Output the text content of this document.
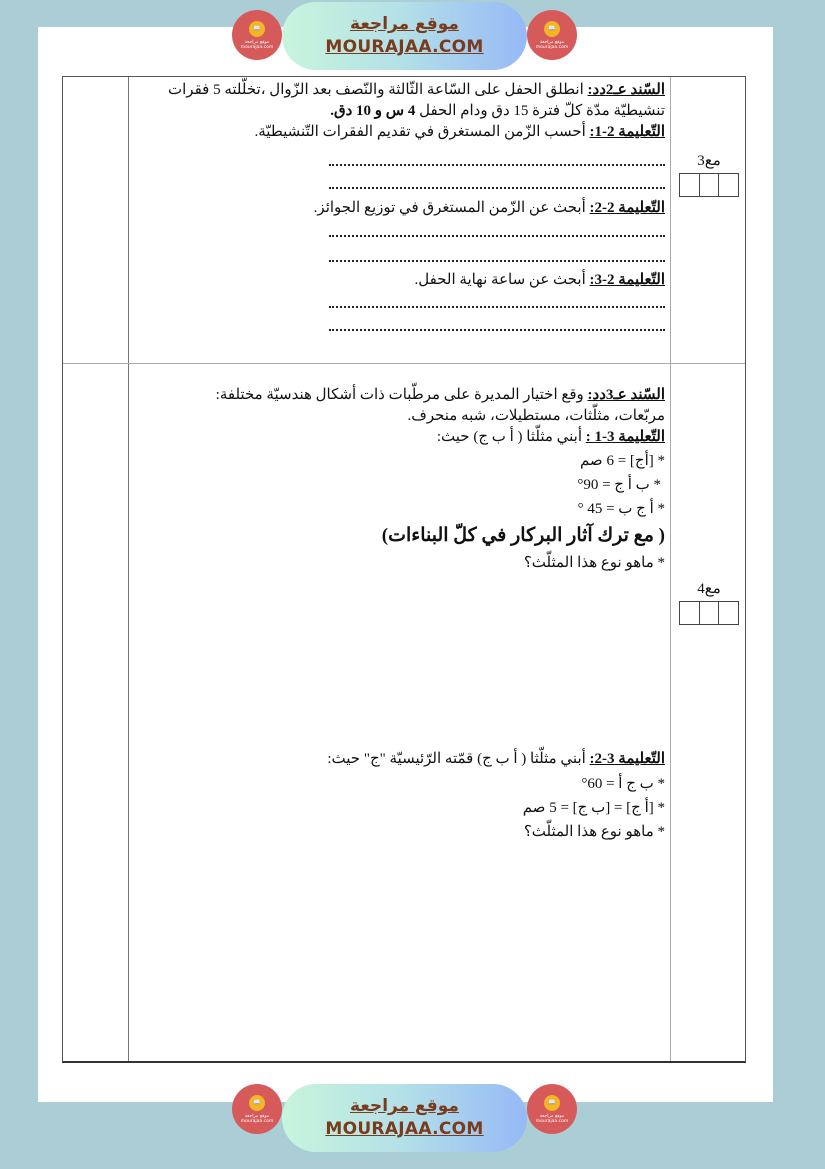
📖
موقع مراجعة mourajaa.com
موقع مراجعة
MOURAJAA.COM
📖
موقع مراجعة mourajaa.com
السّند عـ2دد: انطلق الحفل على السّاعة الثّالثة والنّصف بعد الزّوال ،تخلّلته 5 فقرات
تنشيطيّة مدّة كلّ فترة 15 دق ودام الحفل 4 س و 10 دق.
التّعليمة 2-1: أحسب الزّمن المستغرق في تقديم الفقرات التّنشيطيّة.
التّعليمة 2-2: أبحث عن الزّمن المستغرق في توزيع الجوائز.
التّعليمة 2-3: أبحث عن ساعة نهاية الحفل.
مع3
السّند عـ3دد: وقع اختيار المديرة على مرطّبات ذات أشكال هندسيّة مختلفة:
مربّعات، مثلّثات، مستطيلات، شبه منحرف.
التّعليمة 3-1 : أبني مثلّثا ( أ ب ج) حيث:
* [أج] = 6 صم
* ب أ ج = 90°
* أ ج ب = 45 °
( مع ترك آثار البركار في كلّ البناءات)
* ماهو نوع هذا المثلّث؟
مع4
التّعليمة 3-2: أبني مثلّثا ( أ ب ج) قمّته الرّئيسيّة "ج" حيث:
* ب ج أ = 60°
* [أ ج] = [ب ج] = 5 صم
* ماهو نوع هذا المثلّث؟
📖
موقع مراجعة mourajaa.com
موقع مراجعة
MOURAJAA.COM
📖
موقع مراجعة mourajaa.com
